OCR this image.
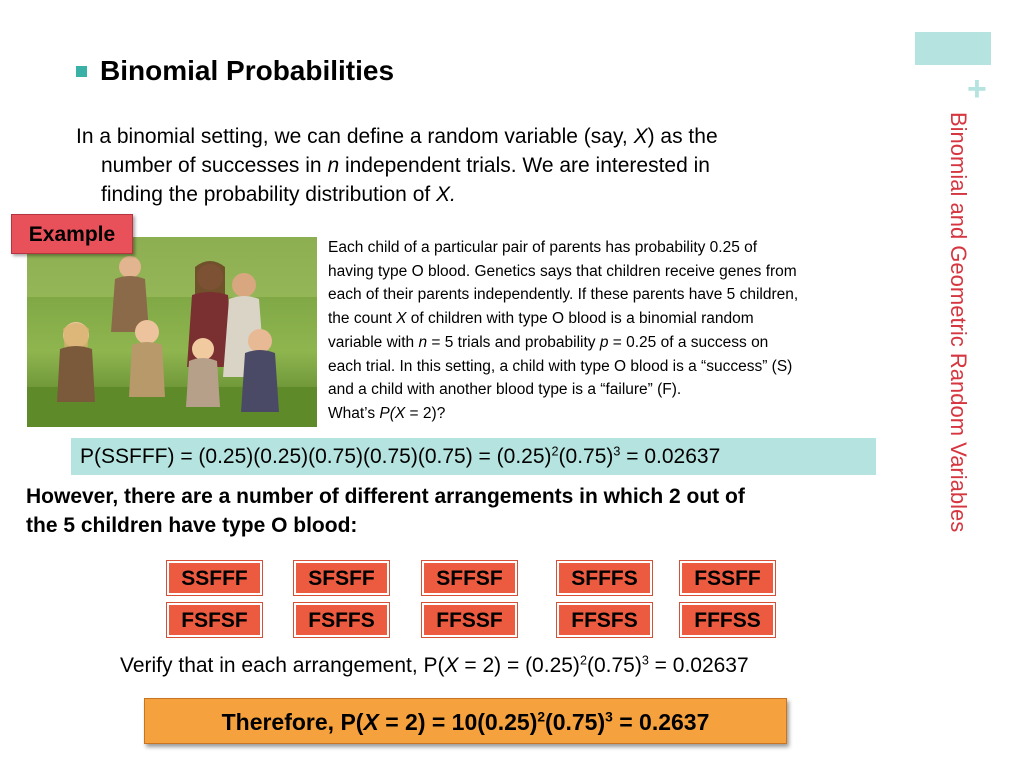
+
Binomial and Geometric Random Variables
Binomial Probabilities
In a binomial setting, we can define a random variable (say, X) as the
number of successes in n independent trials. We are interested in
finding the probability distribution of X.
Example
Each child of a particular pair of parents has probability 0.25 of
having type O blood. Genetics says that children receive genes from
each of their parents independently. If these parents have 5 children,
the count X of children with type O blood is a binomial random
variable with n = 5 trials and probability p = 0.25 of a success on
each trial. In this setting, a child with type O blood is a “success” (S)
and a child with another blood type is a “failure” (F).
What’s P(X = 2)?
P(SSFFF) = $(0.25)(0.25)(0.75)(0.75)(0.75) = (0.25)^2(0.75)^3 = 0.02637$
However, there are a number of different arrangements in which 2 out of
the 5 children have type O blood:
SSFFF	SFSFF	SFFSF	SFFFS	FSSFF
FSFSF	FSFFS	FFSSF	FFSFS	FFFSS
Verify that in each arrangement, $P(X = 2) = (0.25)^2(0.75)^3 = 0.02637$
Therefore, $P(X = 2) = 10(0.25)^2(0.75)^3 = 0.2637$
